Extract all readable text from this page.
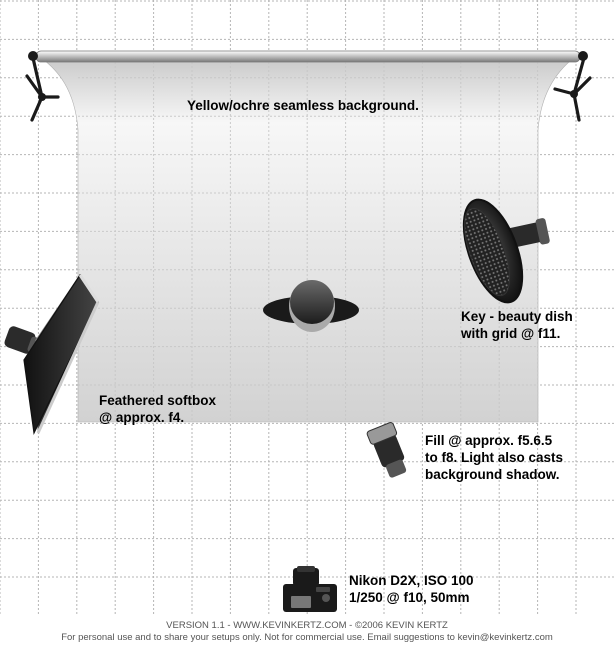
Yellow/ochre seamless background.
Key - beauty dish
with grid @ f11.
Feathered softbox
@ approx. f4.
Fill @ approx. f5.6.5
to f8. Light also casts
background shadow.
Nikon D2X, ISO 100
1/250 @ f10, 50mm
VERSION 1.1 - WWW.KEVINKERTZ.COM - ©2006 KEVIN KERTZ
For personal use and to share your setups only. Not for commercial use. Email suggestions to kevin@kevinkertz.com
